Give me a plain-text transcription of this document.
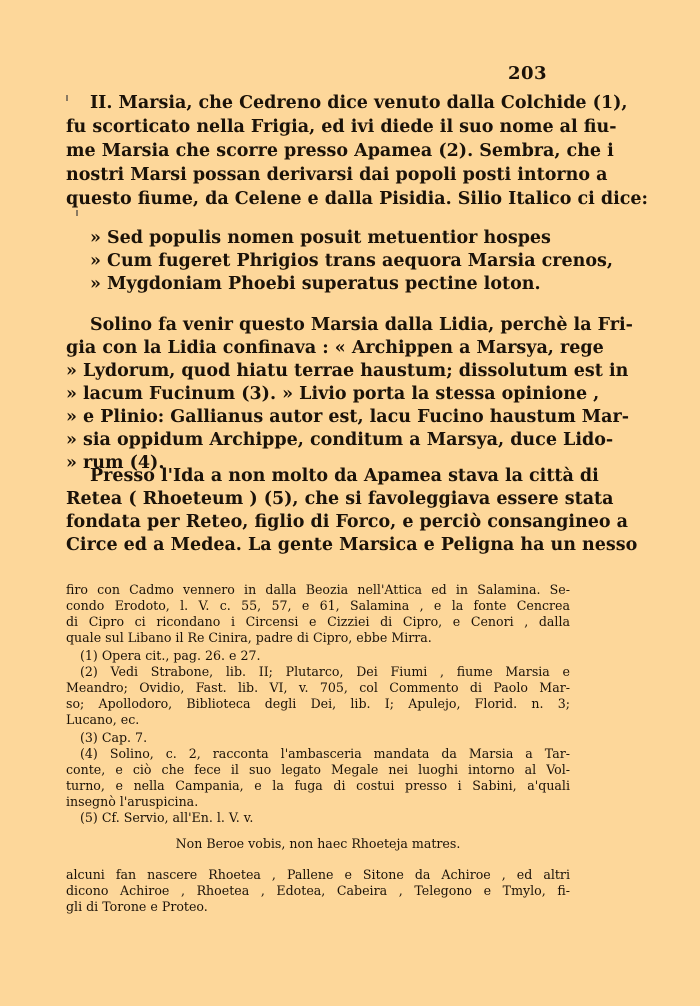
203
II. Marsia, che Cedreno dice venuto dalla Colchide (1),
fu scorticato nella Frigia, ed ivi diede il suo nome al fiu-
me Marsia che scorre presso Apamea (2). Sembra, che i
nostri Marsi possan derivarsi dai popoli posti intorno a
questo fiume, da Celene e dalla Pisidia. Silio Italico ci dice:
» Sed populis nomen posuit metuentior hospes
» Cum fugeret Phrigios trans aequora Marsia crenos,
» Mygdoniam Phoebi superatus pectine loton.
Solino fa venir questo Marsia dalla Lidia, perchè la Fri-
gia con la Lidia confinava : « Archippen a Marsya, rege
» Lydorum, quod hiatu terrae haustum; dissolutum est in
» lacum Fucinum (3). » Livio porta la stessa opinione ,
» e Plinio: Gallianus autor est, lacu Fucino haustum Mar-
» sia oppidum Archippe, conditum a Marsya, duce Lido-
» rum (4).
Presso l'Ida a non molto da Apamea stava la città di
Retea ( Rhoeteum ) (5), che si favoleggiava essere stata
fondata per Reteo, figlio di Forco, e perciò consangineo a
Circe ed a Medea. La gente Marsica e Peligna ha un nesso
firo con Cadmo vennero in dalla Beozia nell'Attica ed in Salamina. Se-
condo Erodoto, l. V. c. 55, 57, e 61, Salamina , e la fonte Cencrea
di Cipro ci ricondano i Circensi e Cizziei di Cipro, e Cenori , dalla
quale sul Libano il Re Cinira, padre di Cipro, ebbe Mirra.
(1) Opera cit., pag. 26. e 27.
(2) Vedi Strabone, lib. II; Plutarco, Dei Fiumi , fiume Marsia e
Meandro; Ovidio, Fast. lib. VI, v. 705, col Commento di Paolo Mar-
so; Apollodoro, Biblioteca degli Dei, lib. I; Apulejo, Florid. n. 3;
Lucano, ec.
(3) Cap. 7.
(4) Solino, c. 2, racconta l'ambasceria mandata da Marsia a Tar-
conte, e ciò che fece il suo legato Megale nei luoghi intorno al Vol-
turno, e nella Campania, e la fuga di costui presso i Sabini, a'quali
insegnò l'aruspicina.
(5) Cf. Servio, all'En. l. V. v.
Non Beroe vobis, non haec Rhoeteja matres.
alcuni fan nascere Rhoetea , Pallene e Sitone da Achiroe , ed altri
dicono Achiroe , Rhoetea , Edotea, Cabeira , Telegono e Tmylo, fi-
gli di Torone e Proteo.
